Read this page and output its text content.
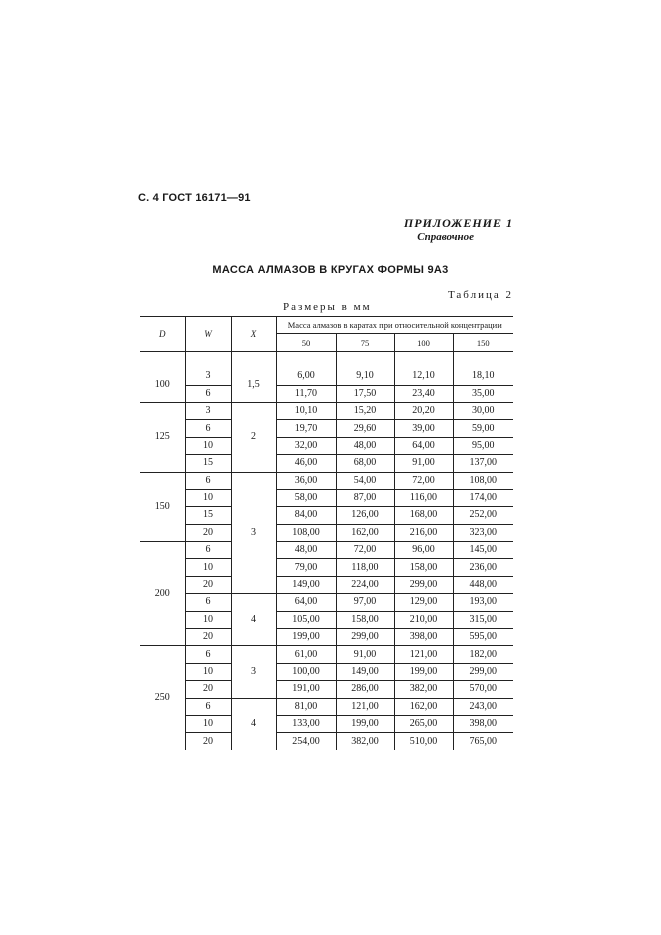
С. 4 ГОСТ 16171—91
ПРИЛОЖЕНИЕ 1
Справочное
МАССА АЛМАЗОВ В КРУГАХ ФОРМЫ 9А3
Таблица 2
Размеры в мм
D	W	X	Масса алмазов в каратах при относительной концентрации			
			50	75	100	150

100	3	1,5	6,00	9,10	12,10	18,10
	6		11,70	17,50	23,40	35,00
125	3	2	10,10	15,20	20,20	30,00
	6		19,70	29,60	39,00	59,00
	10		32,00	48,00	64,00	95,00
	15		46,00	68,00	91,00	137,00
150	6	3	36,00	54,00	72,00	108,00
	10		58,00	87,00	116,00	174,00
	15		84,00	126,00	168,00	252,00
	20		108,00	162,00	216,00	323,00
200	6		48,00	72,00	96,00	145,00
	10		79,00	118,00	158,00	236,00
	20		149,00	224,00	299,00	448,00
	6	4	64,00	97,00	129,00	193,00
	10		105,00	158,00	210,00	315,00
	20		199,00	299,00	398,00	595,00
250	6	3	61,00	91,00	121,00	182,00
	10		100,00	149,00	199,00	299,00
	20		191,00	286,00	382,00	570,00
	6	4	81,00	121,00	162,00	243,00
	10		133,00	199,00	265,00	398,00
	20		254,00	382,00	510,00	765,00
